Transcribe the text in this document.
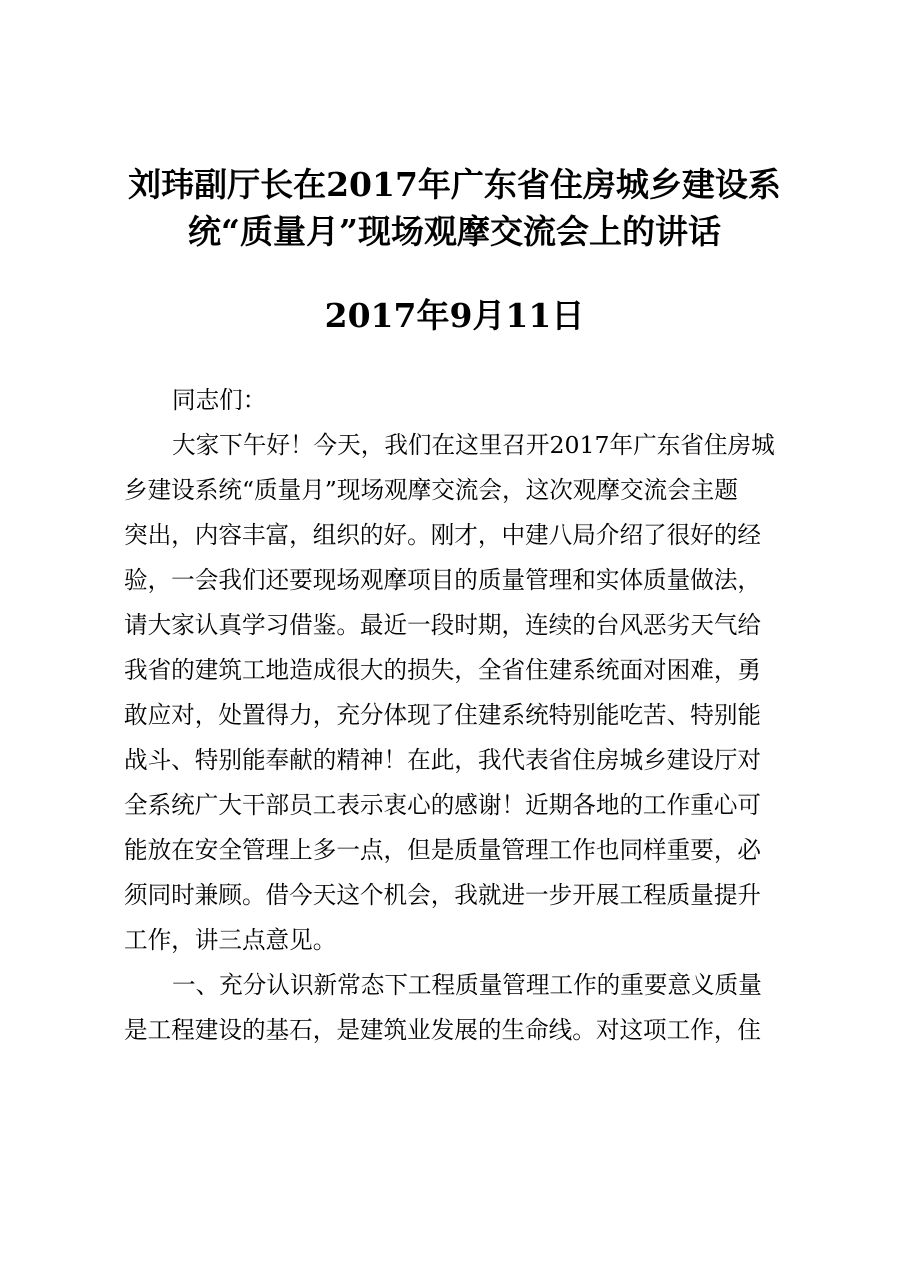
刘玮副厅长在2017年广东省住房城乡建设系
统“质量月”现场观摩交流会上的讲话
2017年9月11日
同志们：
大家下午好！今天，我们在这里召开2017年广东省住房城
乡建设系统“质量月”现场观摩交流会，这次观摩交流会主题
突出，内容丰富，组织的好。刚才，中建八局介绍了很好的经
验，一会我们还要现场观摩项目的质量管理和实体质量做法，
请大家认真学习借鉴。最近一段时期，连续的台风恶劣天气给
我省的建筑工地造成很大的损失，全省住建系统面对困难，勇
敢应对，处置得力，充分体现了住建系统特别能吃苦、特别能
战斗、特别能奉献的精神！在此，我代表省住房城乡建设厅对
全系统广大干部员工表示衷心的感谢！近期各地的工作重心可
能放在安全管理上多一点，但是质量管理工作也同样重要，必
须同时兼顾。借今天这个机会，我就进一步开展工程质量提升
工作，讲三点意见。
一、充分认识新常态下工程质量管理工作的重要意义质量
是工程建设的基石，是建筑业发展的生命线。对这项工作，住
